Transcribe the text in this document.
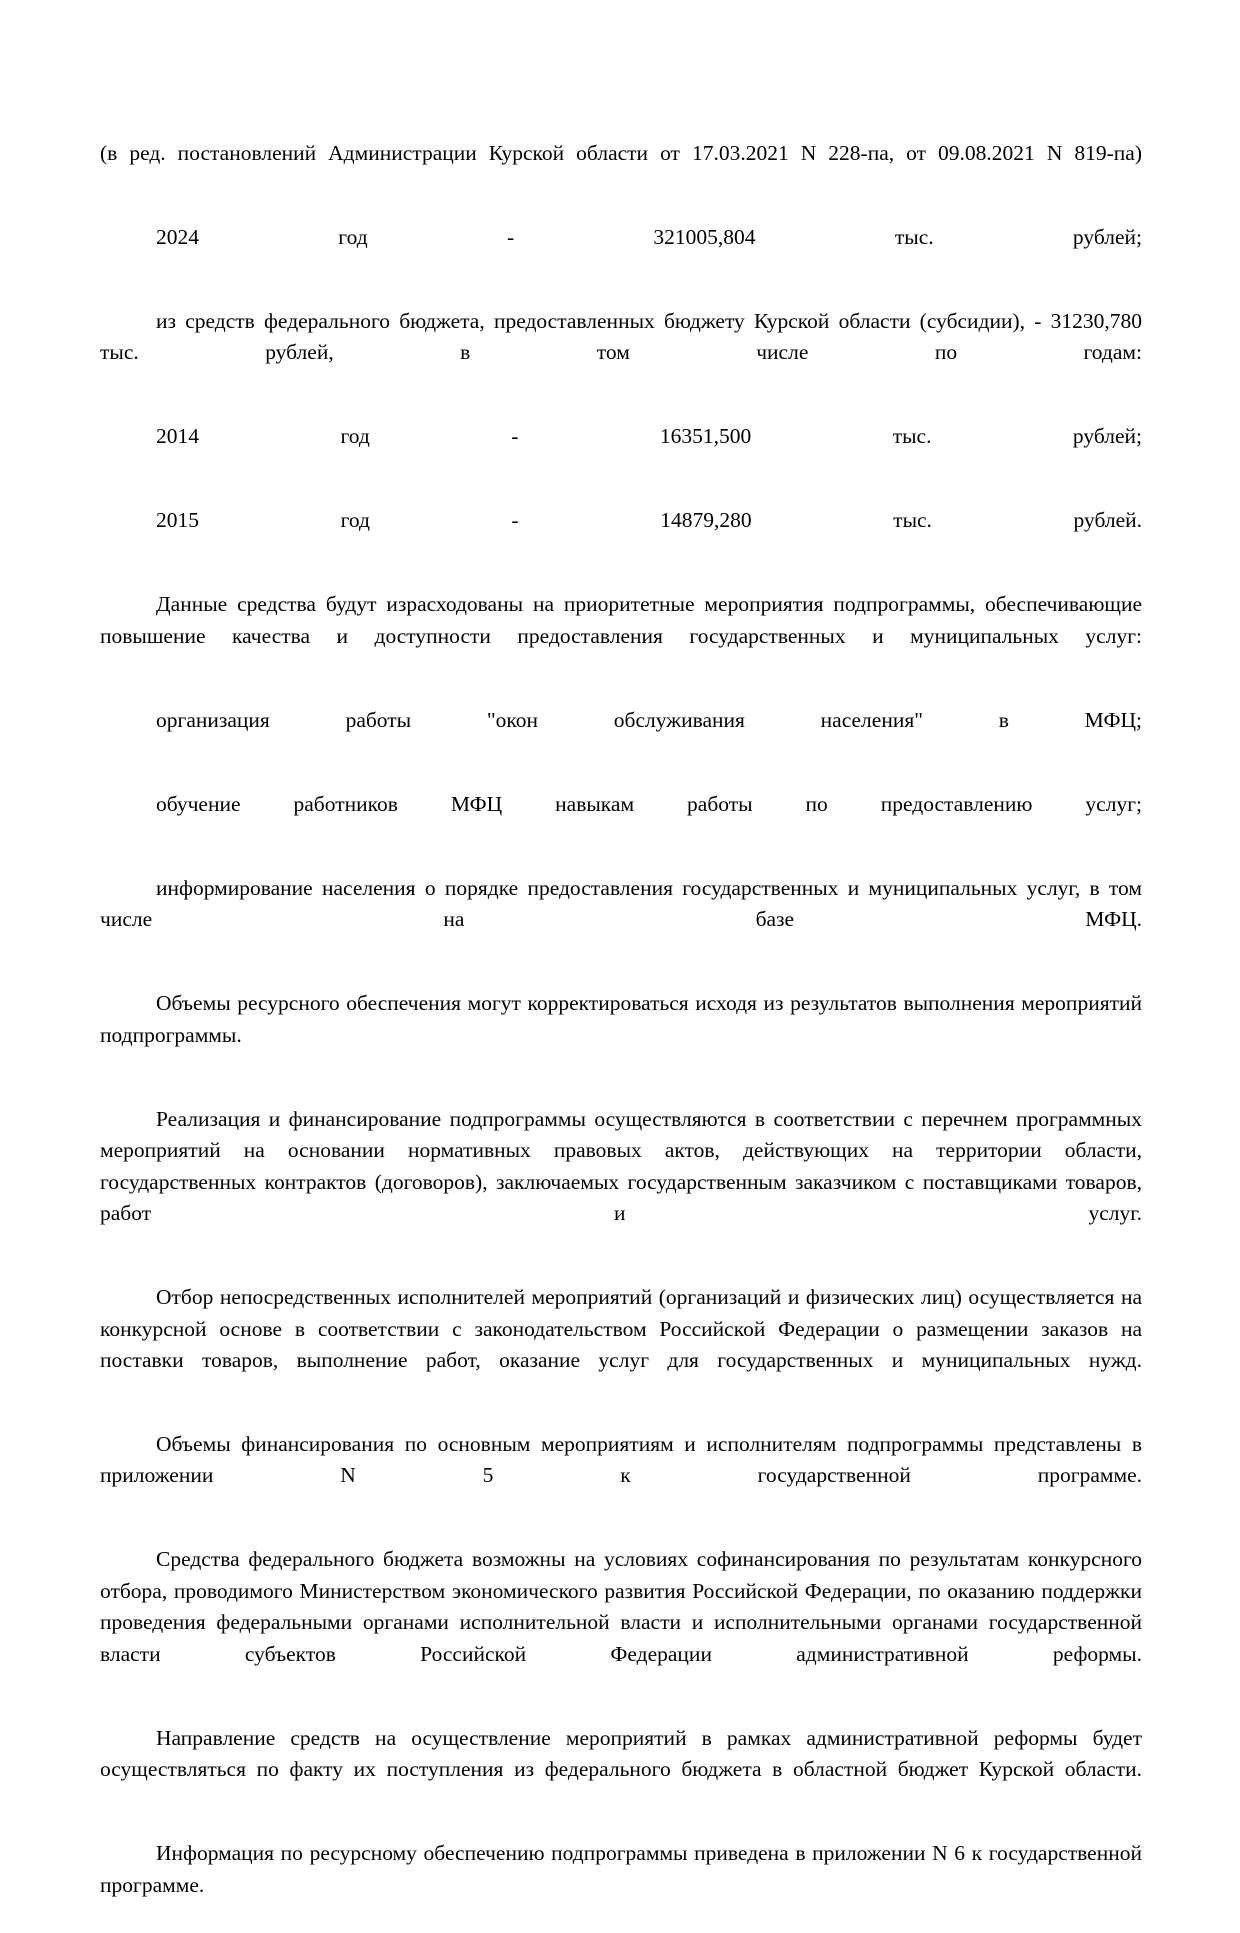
(в ред. постановлений Администрации Курской области от 17.03.2021 N 228-па, от 09.08.2021 N 819-па)

2024 год - 321005,804 тыс. рублей;

из средств федерального бюджета, предоставленных бюджету Курской области (субсидии), - 31230,780 тыс. рублей, в том числе по годам:

2014 год - 16351,500 тыс. рублей;

2015 год - 14879,280 тыс. рублей.

Данные средства будут израсходованы на приоритетные мероприятия подпрограммы, обеспечивающие повышение качества и доступности предоставления государственных и муниципальных услуг:

организация работы "окон обслуживания населения" в МФЦ;

обучение работников МФЦ навыкам работы по предоставлению услуг;

информирование населения о порядке предоставления государственных и муниципальных услуг, в том числе на базе МФЦ.

Объемы ресурсного обеспечения могут корректироваться исходя из результатов выполнения мероприятий подпрограммы.

Реализация и финансирование подпрограммы осуществляются в соответствии с перечнем программных мероприятий на основании нормативных правовых актов, действующих на территории области, государственных контрактов (договоров), заключаемых государственным заказчиком с поставщиками товаров, работ и услуг.

Отбор непосредственных исполнителей мероприятий (организаций и физических лиц) осуществляется на конкурсной основе в соответствии с законодательством Российской Федерации о размещении заказов на поставки товаров, выполнение работ, оказание услуг для государственных и муниципальных нужд.

Объемы финансирования по основным мероприятиям и исполнителям подпрограммы представлены в приложении N 5 к государственной программе.

Средства федерального бюджета возможны на условиях софинансирования по результатам конкурсного отбора, проводимого Министерством экономического развития Российской Федерации, по оказанию поддержки проведения федеральными органами исполнительной власти и исполнительными органами государственной власти субъектов Российской Федерации административной реформы.

Направление средств на осуществление мероприятий в рамках административной реформы будет осуществляться по факту их поступления из федерального бюджета в областной бюджет Курской области.

Информация по ресурсному обеспечению подпрограммы приведена в приложении N 6 к государственной программе.
